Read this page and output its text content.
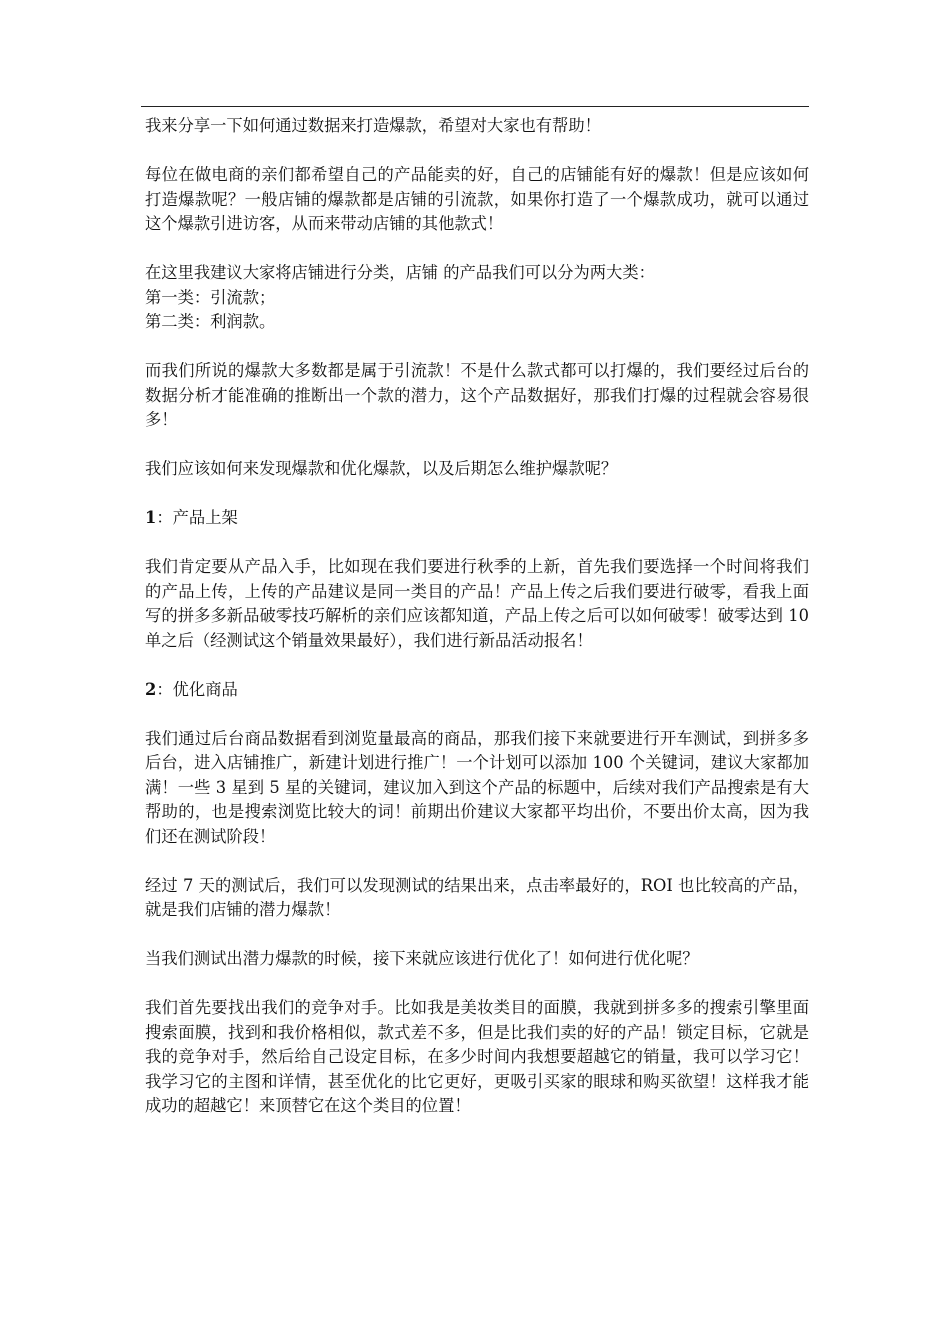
我来分享一下如何通过数据来打造爆款，希望对大家也有帮助！

每位在做电商的亲们都希望自己的产品能卖的好，自己的店铺能有好的爆款！但是应该如何打造爆款呢？一般店铺的爆款都是店铺的引流款，如果你打造了一个爆款成功，就可以通过这个爆款引进访客，从而来带动店铺的其他款式！

在这里我建议大家将店铺进行分类，店铺 的产品我们可以分为两大类：

第一类：引流款；

第二类：利润款。

而我们所说的爆款大多数都是属于引流款！不是什么款式都可以打爆的，我们要经过后台的数据分析才能准确的推断出一个款的潜力，这个产品数据好，那我们打爆的过程就会容易很多！

我们应该如何来发现爆款和优化爆款，以及后期怎么维护爆款呢？

1：产品上架

我们肯定要从产品入手，比如现在我们要进行秋季的上新，首先我们要选择一个时间将我们的产品上传，上传的产品建议是同一类目的产品！产品上传之后我们要进行破零，看我上面写的拼多多新品破零技巧解析的亲们应该都知道，产品上传之后可以如何破零！破零达到 10 单之后（经测试这个销量效果最好），我们进行新品活动报名！

2：优化商品

我们通过后台商品数据看到浏览量最高的商品，那我们接下来就要进行开车测试，到拼多多后台，进入店铺推广，新建计划进行推广！一个计划可以添加 100 个关键词，建议大家都加满！一些 3 星到 5 星的关键词，建议加入到这个产品的标题中，后续对我们产品搜索是有大帮助的，也是搜索浏览比较大的词！前期出价建议大家都平均出价，不要出价太高，因为我们还在测试阶段！

经过 7 天的测试后，我们可以发现测试的结果出来，点击率最好的，ROI 也比较高的产品，就是我们店铺的潜力爆款！

当我们测试出潜力爆款的时候，接下来就应该进行优化了！如何进行优化呢？

我们首先要找出我们的竞争对手。比如我是美妆类目的面膜，我就到拼多多的搜索引擎里面搜索面膜，找到和我价格相似，款式差不多，但是比我们卖的好的产品！锁定目标，它就是我的竞争对手，然后给自己设定目标，在多少时间内我想要超越它的销量，我可以学习它！我学习它的主图和详情，甚至优化的比它更好，更吸引买家的眼球和购买欲望！这样我才能成功的超越它！来顶替它在这个类目的位置！
